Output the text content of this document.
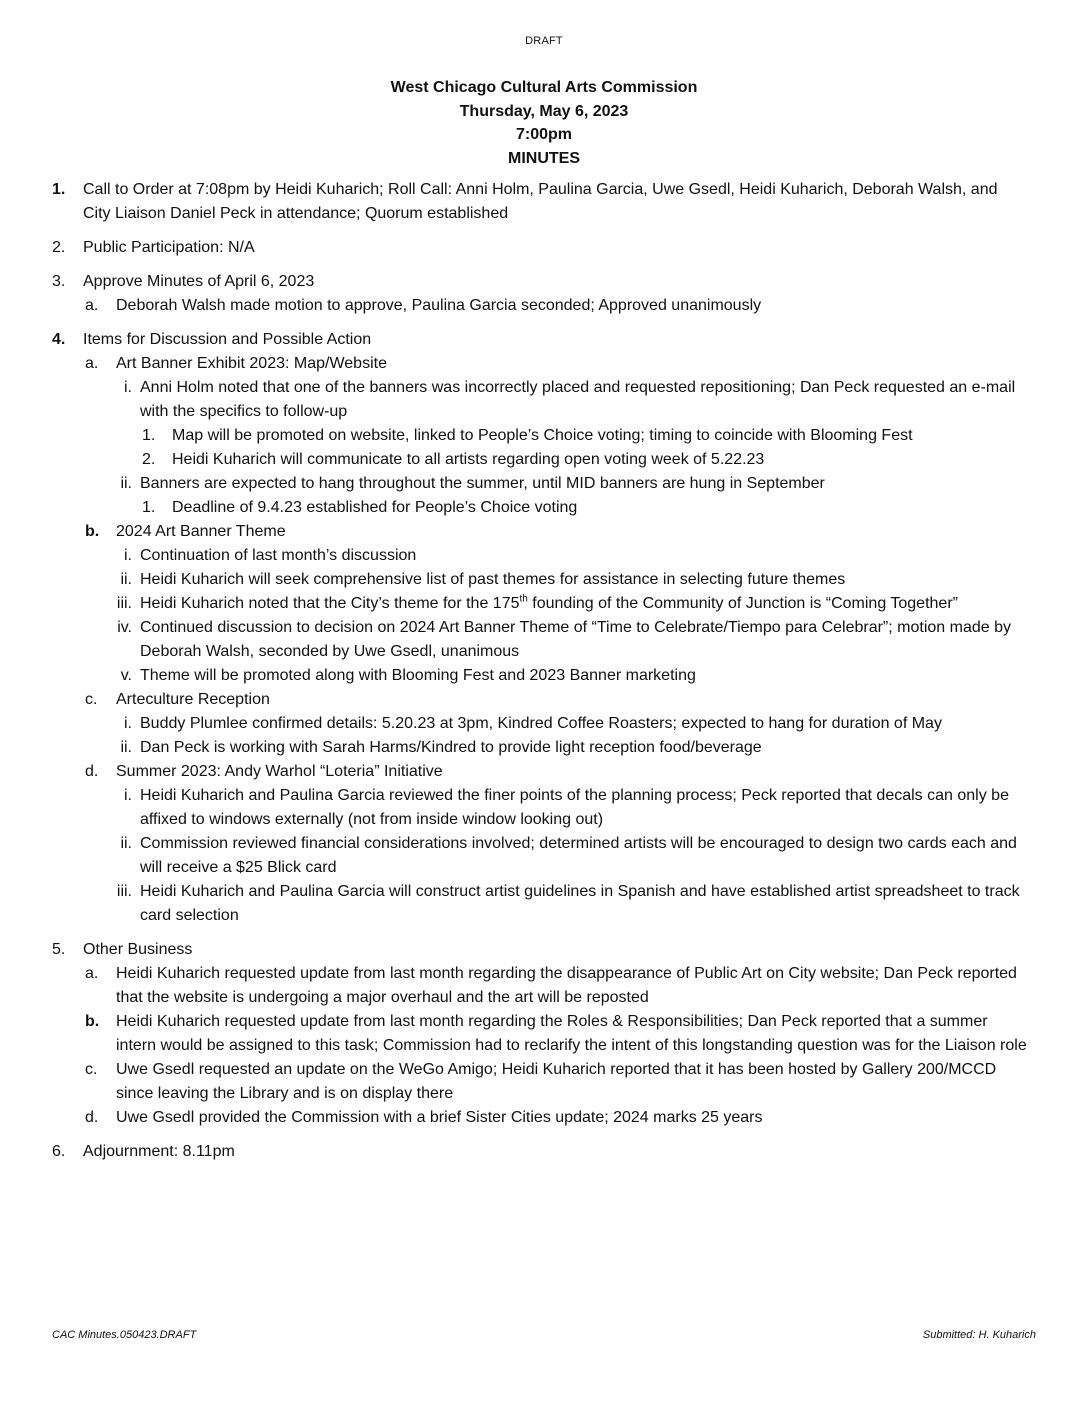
DRAFT
West Chicago Cultural Arts Commission
Thursday, May 6, 2023
7:00pm
MINUTES
1. Call to Order at 7:08pm by Heidi Kuharich; Roll Call: Anni Holm, Paulina Garcia, Uwe Gsedl, Heidi Kuharich, Deborah Walsh, and City Liaison Daniel Peck in attendance; Quorum established
2. Public Participation: N/A
3. Approve Minutes of April 6, 2023
a. Deborah Walsh made motion to approve, Paulina Garcia seconded; Approved unanimously
4. Items for Discussion and Possible Action
a. Art Banner Exhibit 2023: Map/Website
i. Anni Holm noted that one of the banners was incorrectly placed and requested repositioning; Dan Peck requested an e-mail with the specifics to follow-up
1. Map will be promoted on website, linked to People’s Choice voting; timing to coincide with Blooming Fest
2. Heidi Kuharich will communicate to all artists regarding open voting week of 5.22.23
ii. Banners are expected to hang throughout the summer, until MID banners are hung in September
1. Deadline of 9.4.23 established for People’s Choice voting
b. 2024 Art Banner Theme
i. Continuation of last month’s discussion
ii. Heidi Kuharich will seek comprehensive list of past themes for assistance in selecting future themes
iii. Heidi Kuharich noted that the City’s theme for the 175th founding of the Community of Junction is “Coming Together”
iv. Continued discussion to decision on 2024 Art Banner Theme of “Time to Celebrate/Tiempo para Celebrar”; motion made by Deborah Walsh, seconded by Uwe Gsedl, unanimous
v. Theme will be promoted along with Blooming Fest and 2023 Banner marketing
c. Arteculture Reception
i. Buddy Plumlee confirmed details: 5.20.23 at 3pm, Kindred Coffee Roasters; expected to hang for duration of May
ii. Dan Peck is working with Sarah Harms/Kindred to provide light reception food/beverage
d. Summer 2023: Andy Warhol “Loteria” Initiative
i. Heidi Kuharich and Paulina Garcia reviewed the finer points of the planning process; Peck reported that decals can only be affixed to windows externally (not from inside window looking out)
ii. Commission reviewed financial considerations involved; determined artists will be encouraged to design two cards each and will receive a $25 Blick card
iii. Heidi Kuharich and Paulina Garcia will construct artist guidelines in Spanish and have established artist spreadsheet to track card selection
5. Other Business
a. Heidi Kuharich requested update from last month regarding the disappearance of Public Art on City website; Dan Peck reported that the website is undergoing a major overhaul and the art will be reposted
b. Heidi Kuharich requested update from last month regarding the Roles & Responsibilities; Dan Peck reported that a summer intern would be assigned to this task; Commission had to reclarify the intent of this longstanding question was for the Liaison role
c. Uwe Gsedl requested an update on the WeGo Amigo; Heidi Kuharich reported that it has been hosted by Gallery 200/MCCD since leaving the Library and is on display there
d. Uwe Gsedl provided the Commission with a brief Sister Cities update; 2024 marks 25 years
6. Adjournment: 8.11pm
CAC Minutes.050423.DRAFT	Submitted: H. Kuharich
